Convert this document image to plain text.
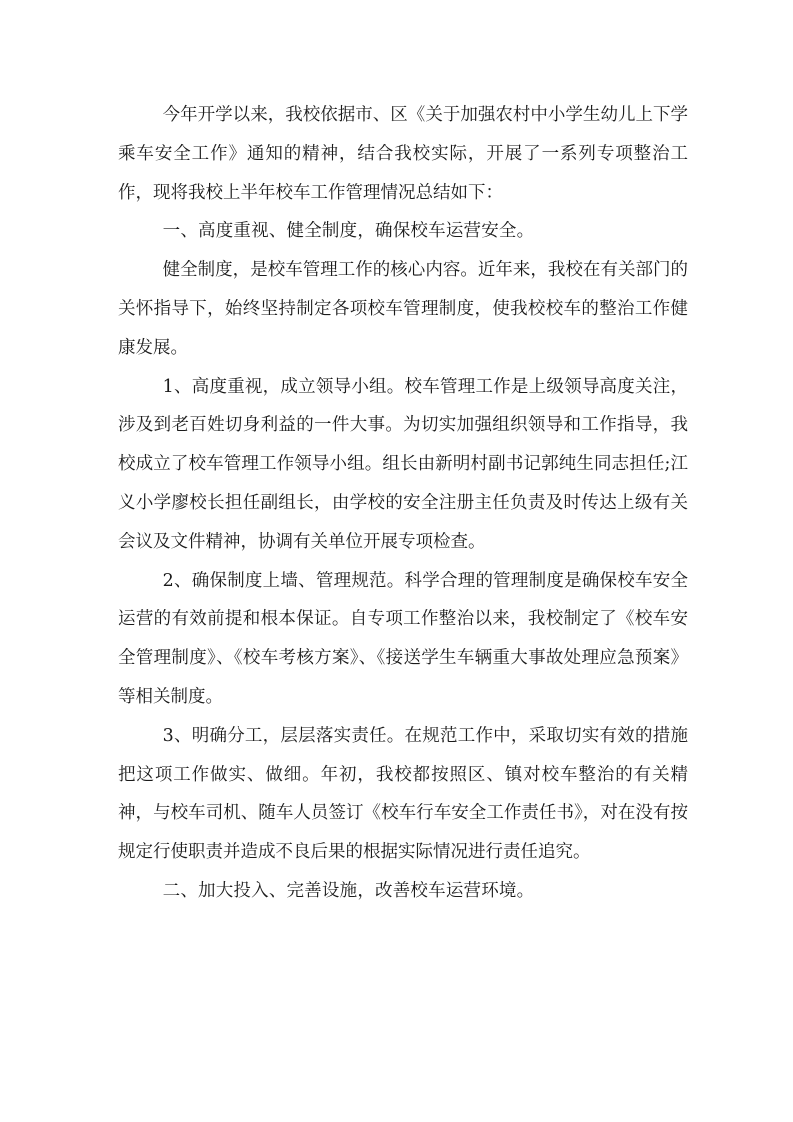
今年开学以来，我校依据市、区《关于加强农村中小学生幼儿上下学乘车安全工作》通知的精神，结合我校实际，开展了一系列专项整治工作，现将我校上半年校车工作管理情况总结如下：

一、高度重视、健全制度，确保校车运营安全。

健全制度，是校车管理工作的核心内容。近年来，我校在有关部门的关怀指导下，始终坚持制定各项校车管理制度，使我校校车的整治工作健康发展。

1、高度重视，成立领导小组。校车管理工作是上级领导高度关注，涉及到老百姓切身利益的一件大事。为切实加强组织领导和工作指导，我校成立了校车管理工作领导小组。组长由新明村副书记郭纯生同志担任;江义小学廖校长担任副组长，由学校的安全注册主任负责及时传达上级有关会议及文件精神，协调有关单位开展专项检查。

2、确保制度上墙、管理规范。科学合理的管理制度是确保校车安全运营的有效前提和根本保证。自专项工作整治以来，我校制定了《校车安全管理制度》、《校车考核方案》、《接送学生车辆重大事故处理应急预案》等相关制度。

3、明确分工，层层落实责任。在规范工作中，采取切实有效的措施把这项工作做实、做细。年初，我校都按照区、镇对校车整治的有关精神，与校车司机、随车人员签订《校车行车安全工作责任书》，对在没有按规定行使职责并造成不良后果的根据实际情况进行责任追究。

二、加大投入、完善设施，改善校车运营环境。
